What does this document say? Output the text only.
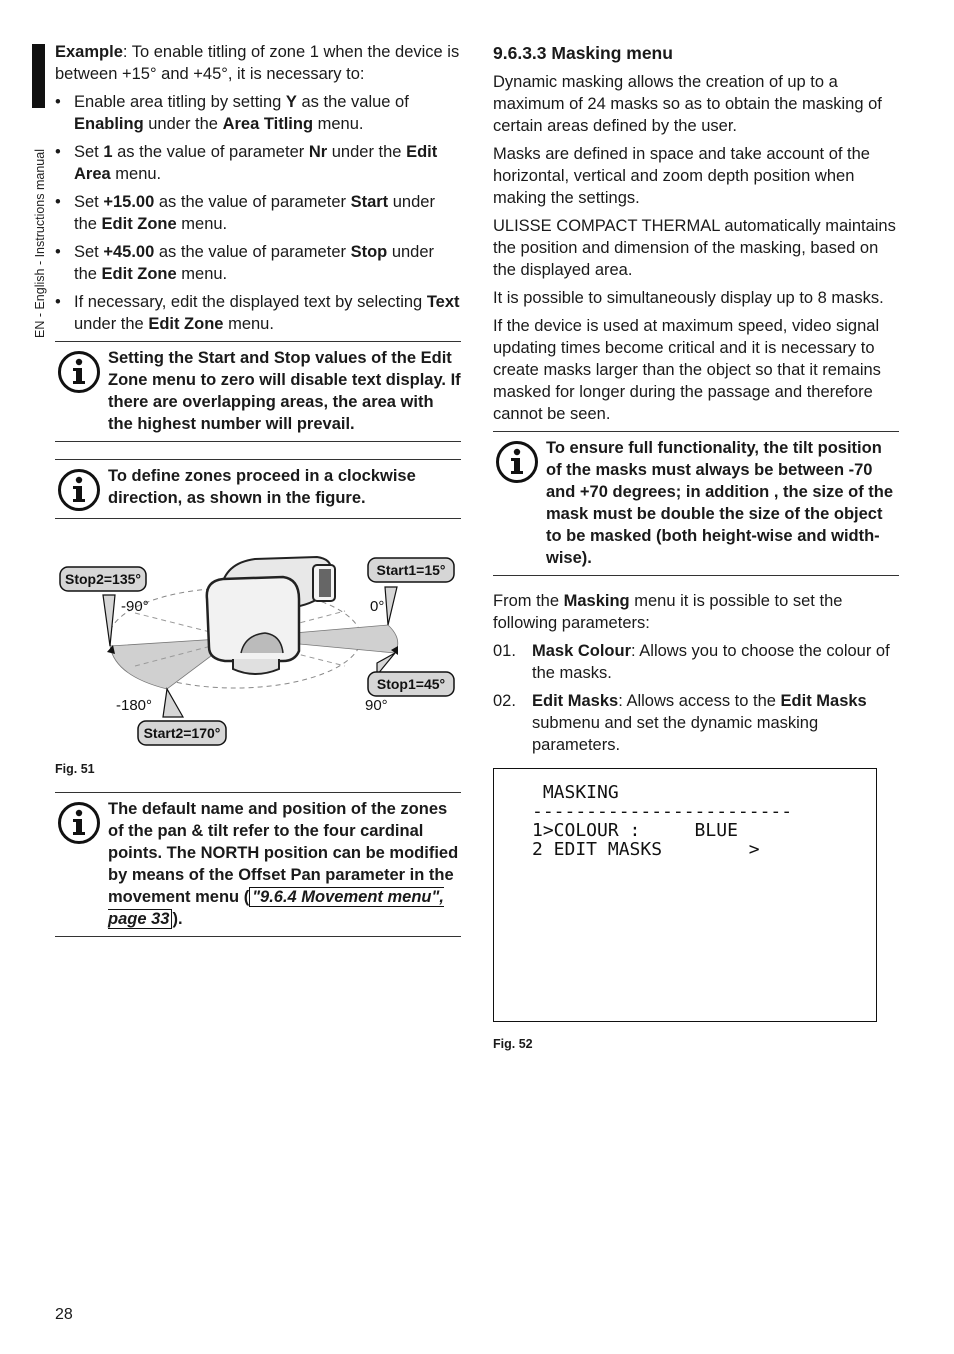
EN - English - Instructions manual

Example: To enable titling of zone 1 when the device is between +15° and +45°, it is necessary to:

• Enable area titling by setting Y as the value of Enabling under the Area Titling menu.
• Set 1 as the value of parameter Nr under the Edit Area menu.
• Set +15.00 as the value of parameter Start under the Edit Zone menu.
• Set +45.00 as the value of parameter Stop under the Edit Zone menu.
• If necessary, edit the displayed text by selecting Text under the Edit Zone menu.
Setting the Start and Stop values of the Edit Zone menu to zero will disable text display. If there are overlapping areas, the area with the highest number will prevail.
To define zones proceed in a clockwise direction, as shown in the figure.
Stop2=135°
Start1=15°
Stop1=45°
Start2=170°
-90°	0°
-180°	90°
Fig. 51
The default name and position of the zones of the pan & tilt refer to the four cardinal points. The NORTH position can be modified by means of the Offset Pan parameter in the movement menu ( "9.6.4 Movement menu", page 33 ).
9.6.3.3 Masking menu

Dynamic masking allows the creation of up to a maximum of 24 masks so as to obtain the masking of certain areas defined by the user.

Masks are defined in space and take account of the horizontal, vertical and zoom depth position when making the settings.

ULISSE COMPACT THERMAL automatically maintains the position and dimension of the masking, based on the displayed area.

It is possible to simultaneously display up to 8 masks.

If the device is used at maximum speed, video signal updating times become critical and it is necessary to create masks larger than the object so that it remains masked for longer during the passage and therefore cannot be seen.

To ensure full functionality, the tilt position of the masks must always be between -70 and +70 degrees; in addition , the size of the mask must be double the size of the object to be masked (both height-wise and width-wise).

From the Masking menu it is possible to set the following parameters:

01. Mask Colour: Allows you to choose the colour of the masks.
02. Edit Masks: Allows access to the Edit Masks submenu and set the dynamic masking parameters.
MASKING
------------------------
1>COLOUR :     BLUE
2 EDIT MASKS        >
Fig. 52
28
